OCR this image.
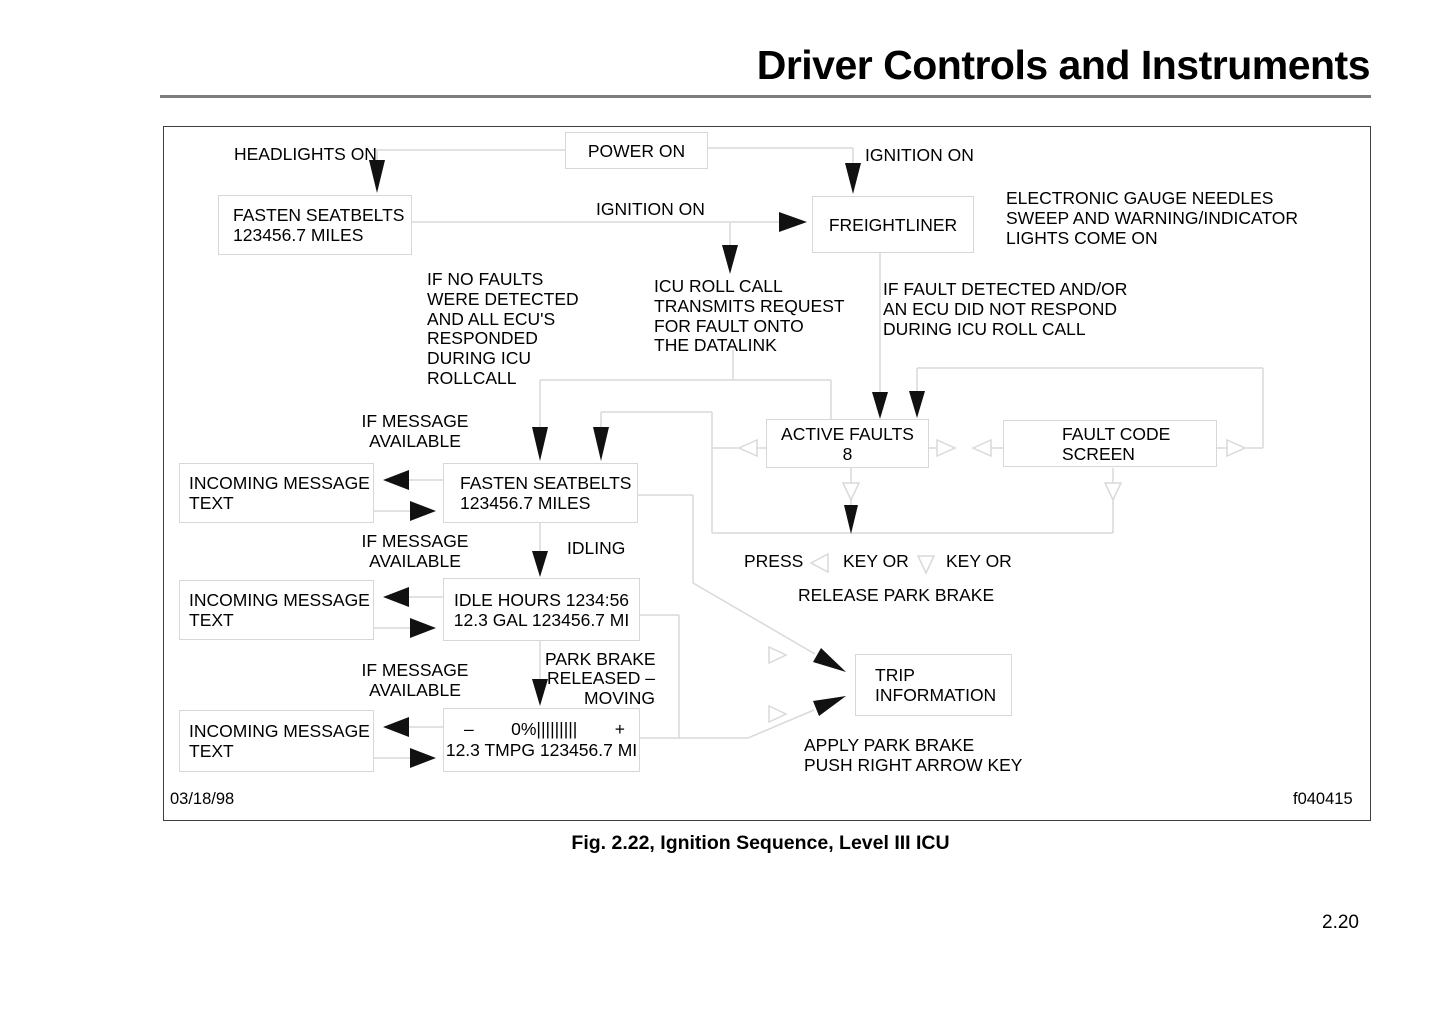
Driver Controls and Instruments
POWER ON
FASTEN SEATBELTS
123456.7 MILES
FREIGHTLINER
ACTIVE FAULTS
8
FAULT CODE
SCREEN
INCOMING MESSAGE
TEXT
FASTEN SEATBELTS
123456.7 MILES
INCOMING MESSAGE
TEXT
IDLE HOURS 1234:56
12.3 GAL 123456.7 MI
INCOMING MESSAGE
TEXT
– 0%||||||||| +
12.3 TMPG 123456.7 MI
TRIP
INFORMATION
HEADLIGHTS ON	IGNITION ON
IGNITION ON
ELECTRONIC GAUGE NEEDLES
SWEEP AND WARNING/INDICATOR
LIGHTS COME ON
IF NO FAULTS
WERE DETECTED
AND ALL ECU'S
RESPONDED
DURING ICU
ROLLCALL
ICU ROLL CALL
TRANSMITS REQUEST
FOR FAULT ONTO
THE DATALINK
IF FAULT DETECTED AND/OR
AN ECU DID NOT RESPOND
DURING ICU ROLL CALL
IF MESSAGE
AVAILABLE
IF MESSAGE
AVAILABLE
IF MESSAGE
AVAILABLE
IDLING
PARK BRAKE
RELEASED –
MOVING
PRESS KEY OR KEY OR
RELEASE PARK BRAKE
APPLY PARK BRAKE
PUSH RIGHT ARROW KEY
03/18/98	f040415
Fig. 2.22, Ignition Sequence, Level III ICU
2.20
